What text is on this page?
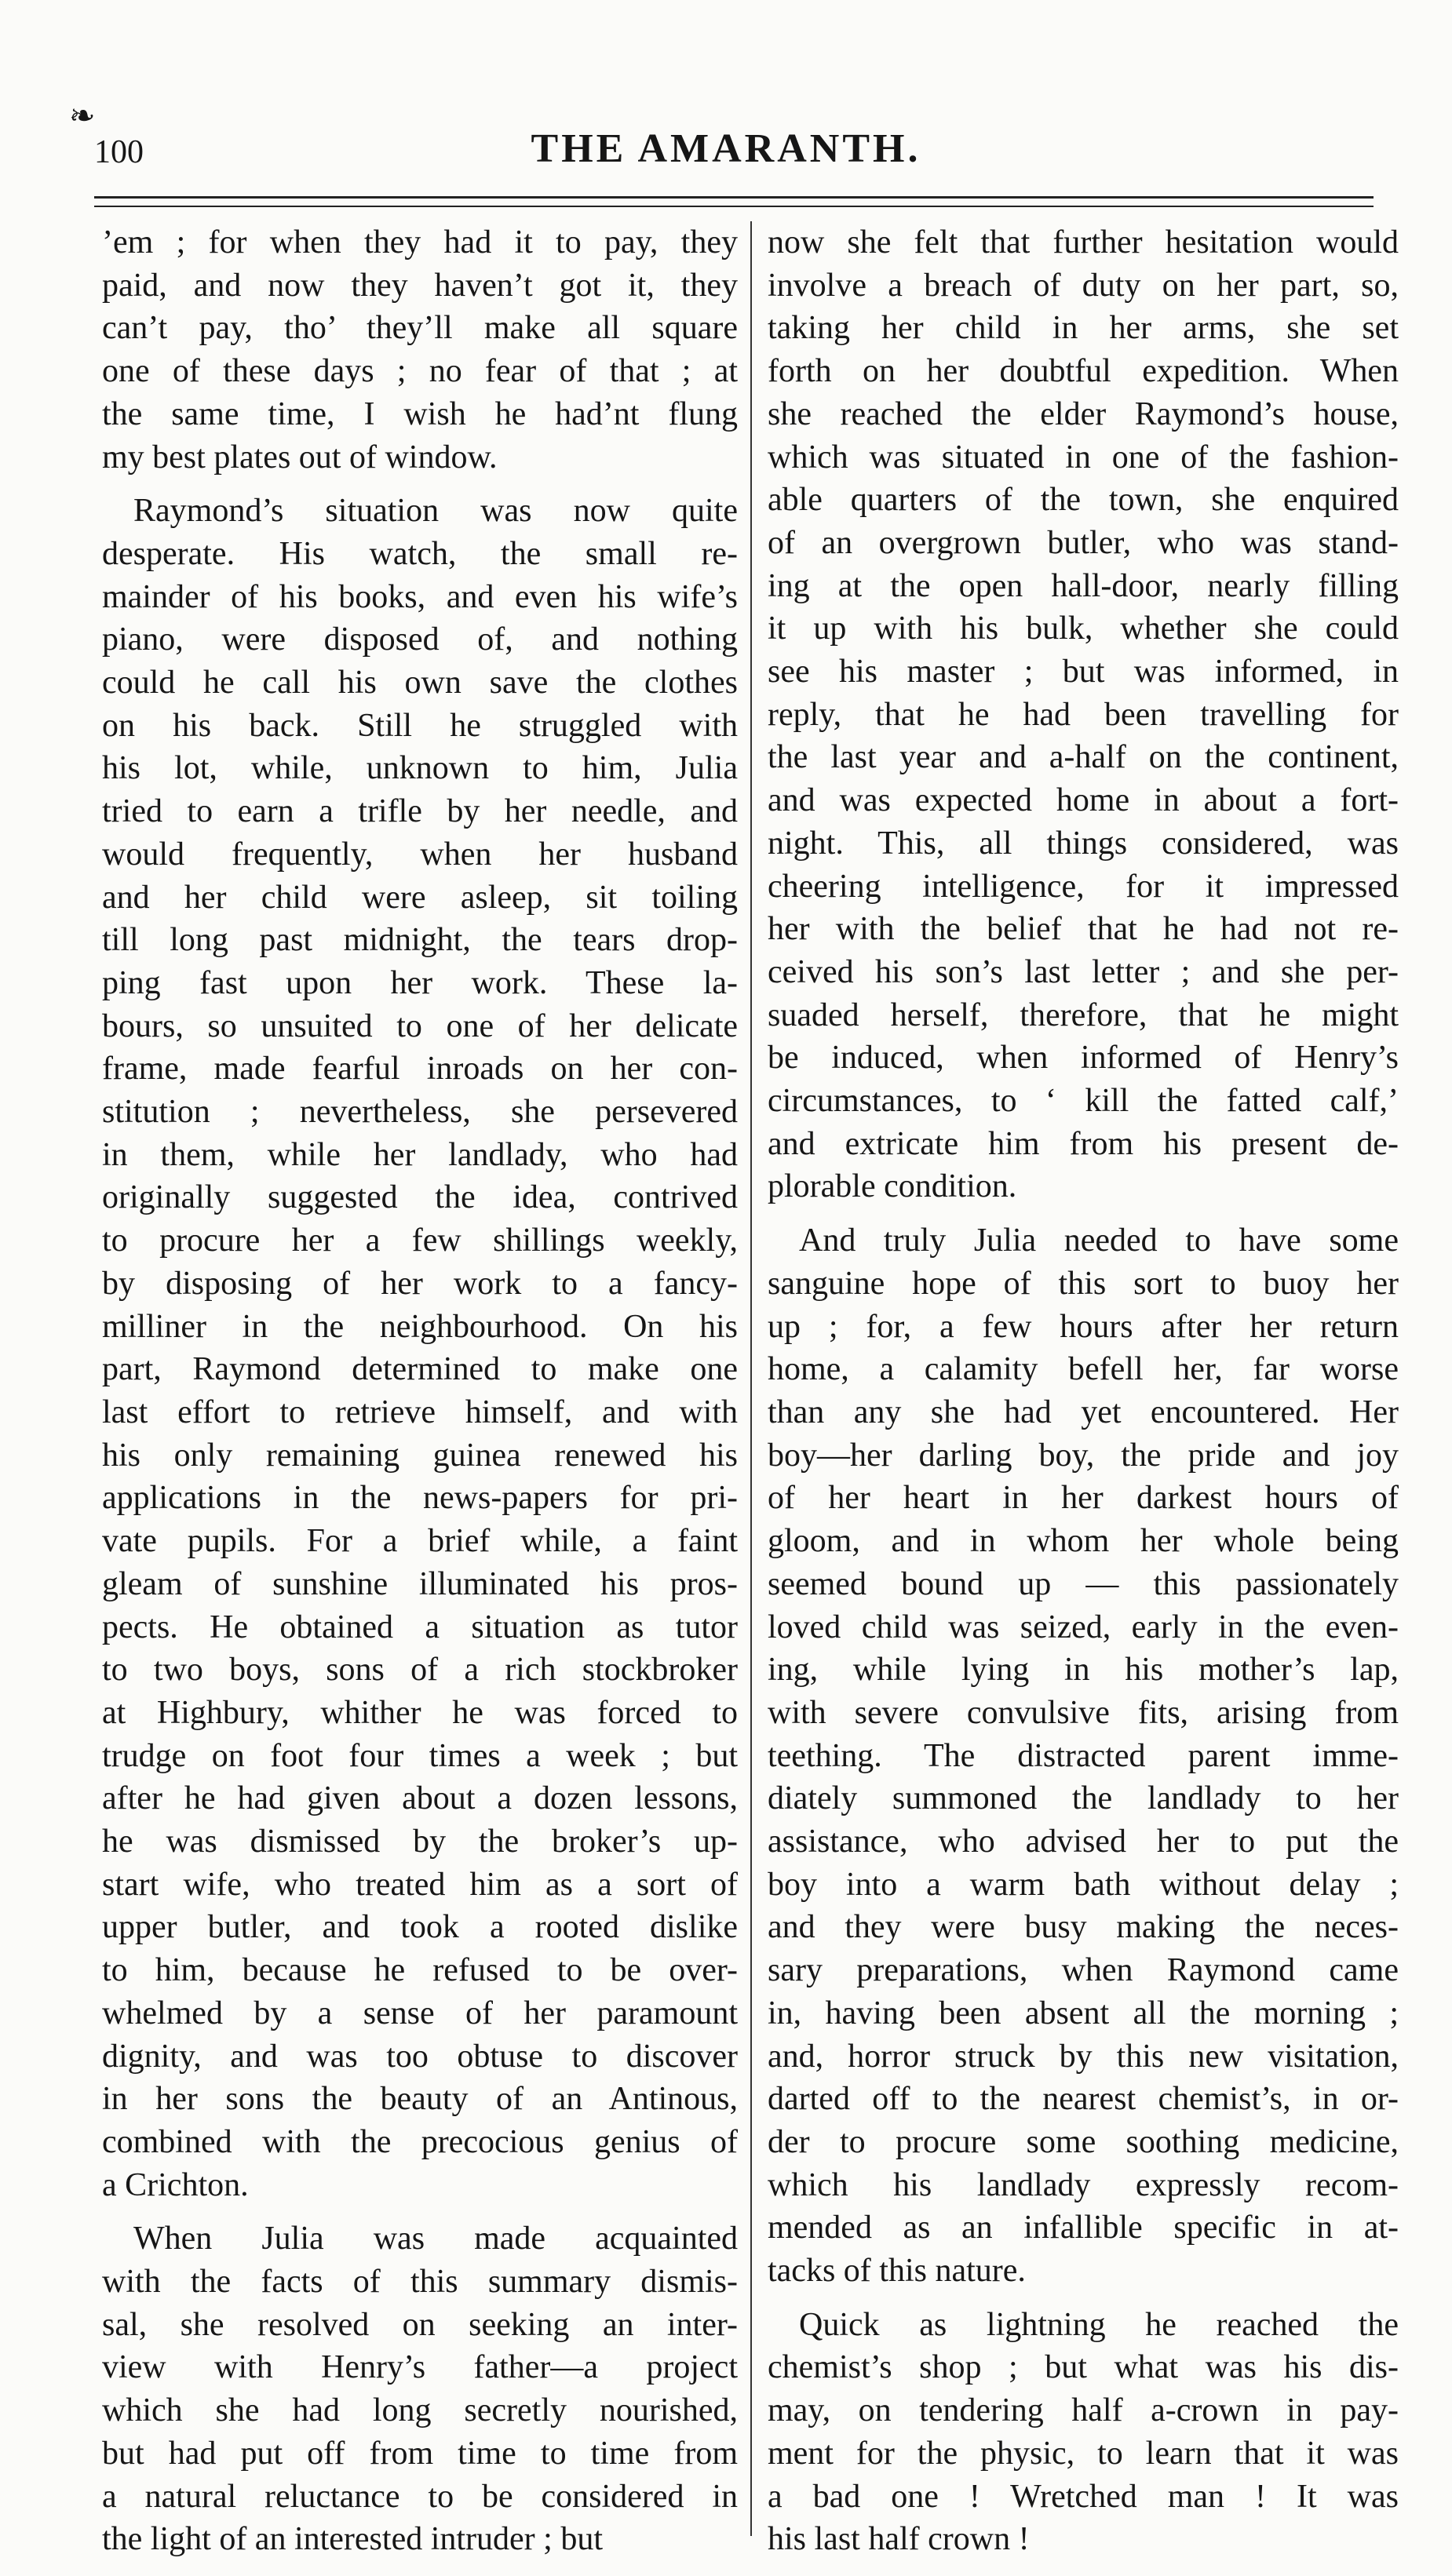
❧
100	THE AMARANTH.

’em ; for when they had it to pay, they
paid, and now they haven’t got it, they
can’t pay, tho’ they’ll make all square
one of these days ; no fear of that ; at
the same time, I wish he had’nt flung
my best plates out of window.

Raymond’s situation was now quite
desperate. His watch, the small re-
mainder of his books, and even his wife’s
piano, were disposed of, and nothing
could he call his own save the clothes
on his back. Still he struggled with
his lot, while, unknown to him, Julia
tried to earn a trifle by her needle, and
would frequently, when her husband
and her child were asleep, sit toiling
till long past midnight, the tears drop-
ping fast upon her work. These la-
bours, so unsuited to one of her delicate
frame, made fearful inroads on her con-
stitution ; nevertheless, she persevered
in them, while her landlady, who had
originally suggested the idea, contrived
to procure her a few shillings weekly,
by disposing of her work to a fancy-
milliner in the neighbourhood. On his
part, Raymond determined to make one
last effort to retrieve himself, and with
his only remaining guinea renewed his
applications in the news-papers for pri-
vate pupils. For a brief while, a faint
gleam of sunshine illuminated his pros-
pects. He obtained a situation as tutor
to two boys, sons of a rich stockbroker
at Highbury, whither he was forced to
trudge on foot four times a week ; but
after he had given about a dozen lessons,
he was dismissed by the broker’s up-
start wife, who treated him as a sort of
upper butler, and took a rooted dislike
to him, because he refused to be over-
whelmed by a sense of her paramount
dignity, and was too obtuse to discover
in her sons the beauty of an Antinous,
combined with the precocious genius of
a Crichton.

When Julia was made acquainted
with the facts of this summary dismis-
sal, she resolved on seeking an inter-
view with Henry’s father—a project
which she had long secretly nourished,
but had put off from time to time from
a natural reluctance to be considered in
the light of an interested intruder ; but

now she felt that further hesitation would
involve a breach of duty on her part, so,
taking her child in her arms, she set
forth on her doubtful expedition. When
she reached the elder Raymond’s house,
which was situated in one of the fashion-
able quarters of the town, she enquired
of an overgrown butler, who was stand-
ing at the open hall-door, nearly filling
it up with his bulk, whether she could
see his master ; but was informed, in
reply, that he had been travelling for
the last year and a-half on the continent,
and was expected home in about a fort-
night. This, all things considered, was
cheering intelligence, for it impressed
her with the belief that he had not re-
ceived his son’s last letter ; and she per-
suaded herself, therefore, that he might
be induced, when informed of Henry’s
circumstances, to ‘ kill the fatted calf,’
and extricate him from his present de-
plorable condition.

And truly Julia needed to have some
sanguine hope of this sort to buoy her
up ; for, a few hours after her return
home, a calamity befell her, far worse
than any she had yet encountered. Her
boy—her darling boy, the pride and joy
of her heart in her darkest hours of
gloom, and in whom her whole being
seemed bound up — this passionately
loved child was seized, early in the even-
ing, while lying in his mother’s lap,
with severe convulsive fits, arising from
teething. The distracted parent imme-
diately summoned the landlady to her
assistance, who advised her to put the
boy into a warm bath without delay ;
and they were busy making the neces-
sary preparations, when Raymond came
in, having been absent all the morning ;
and, horror struck by this new visitation,
darted off to the nearest chemist’s, in or-
der to procure some soothing medicine,
which his landlady expressly recom-
mended as an infallible specific in at-
tacks of this nature.

Quick as lightning he reached the
chemist’s shop ; but what was his dis-
may, on tendering half a-crown in pay-
ment for the physic, to learn that it was
a bad one ! Wretched man ! It was
his last half crown !
